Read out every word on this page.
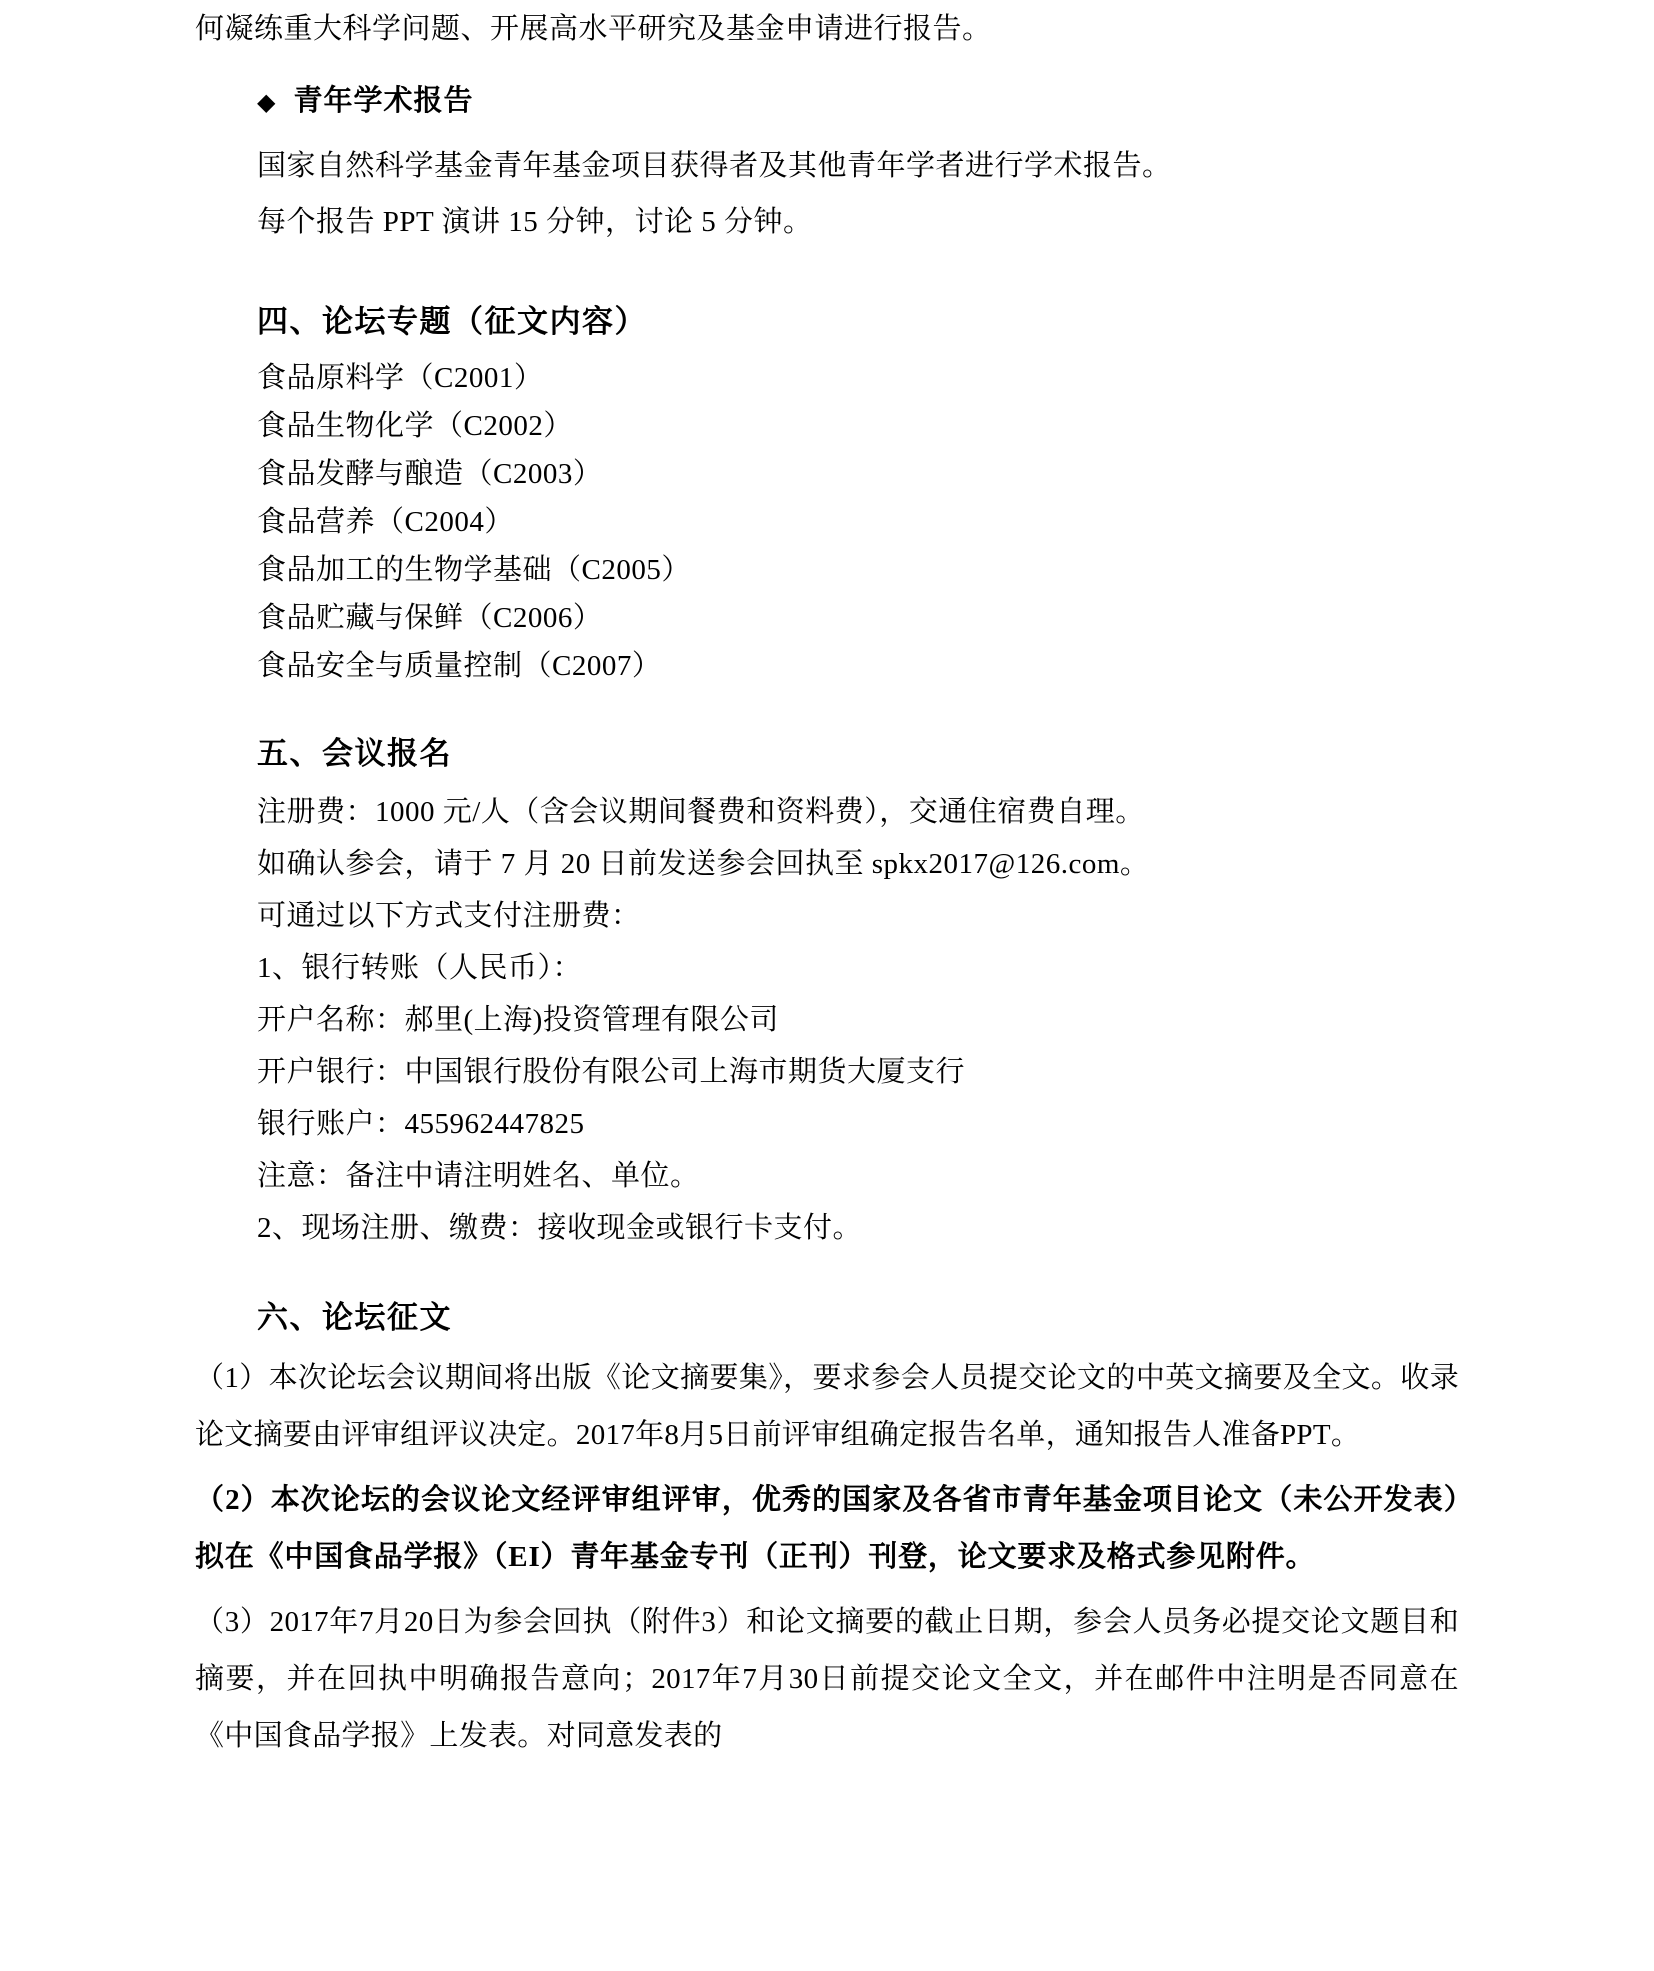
何凝练重大科学问题、开展高水平研究及基金申请进行报告。
◆ 青年学术报告
国家自然科学基金青年基金项目获得者及其他青年学者进行学术报告。
每个报告 PPT 演讲 15 分钟，讨论 5 分钟。
四、论坛专题（征文内容）
食品原料学（C2001）
食品生物化学（C2002）
食品发酵与酿造（C2003）
食品营养（C2004）
食品加工的生物学基础（C2005）
食品贮藏与保鲜（C2006）
食品安全与质量控制（C2007）
五、会议报名
注册费：1000 元/人（含会议期间餐费和资料费），交通住宿费自理。
如确认参会，请于 7 月 20 日前发送参会回执至 spkx2017@126.com。
可通过以下方式支付注册费：
1、银行转账（人民币）：
开户名称：郝里(上海)投资管理有限公司
开户银行：中国银行股份有限公司上海市期货大厦支行
银行账户：455962447825
注意：备注中请注明姓名、单位。
2、现场注册、缴费：接收现金或银行卡支付。
六、论坛征文
（1）本次论坛会议期间将出版《论文摘要集》，要求参会人员提交论文的中英文摘要及全文。收录论文摘要由评审组评议决定。2017年8月5日前评审组确定报告名单，通知报告人准备PPT。
（2）本次论坛的会议论文经评审组评审，优秀的国家及各省市青年基金项目论文（未公开发表）拟在《中国食品学报》（EI）青年基金专刊（正刊）刊登，论文要求及格式参见附件。
（3）2017年7月20日为参会回执（附件3）和论文摘要的截止日期，参会人员务必提交论文题目和摘要，并在回执中明确报告意向；2017年7月30日前提交论文全文，并在邮件中注明是否同意在《中国食品学报》上发表。对同意发表的
